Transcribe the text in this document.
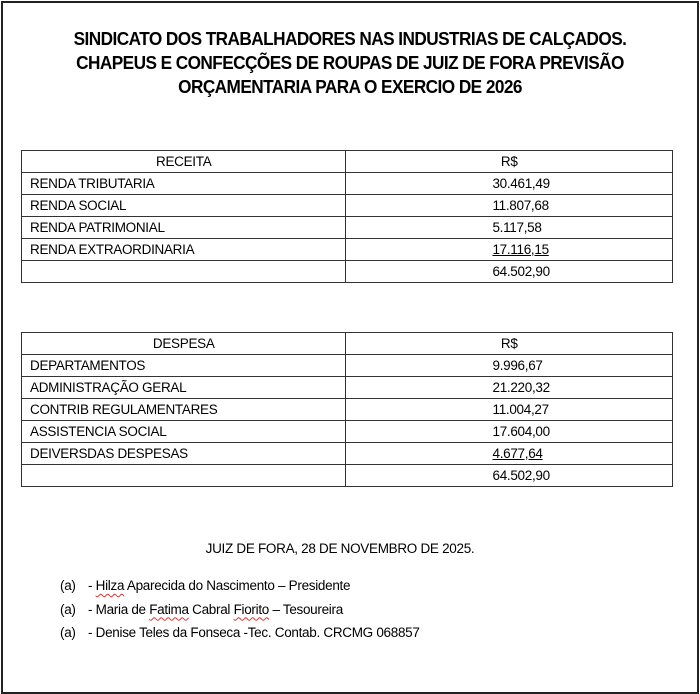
SINDICATO DOS TRABALHADORES NAS INDUSTRIAS DE CALÇADOS.
CHAPEUS E CONFECÇÕES DE ROUPAS DE JUIZ DE FORA PREVISÃO
ORÇAMENTARIA PARA O EXERCIO DE 2026
RECEITA	R$
RENDA TRIBUTARIA	30.461,49
RENDA SOCIAL	11.807,68
RENDA PATRIMONIAL	5.117,58
RENDA EXTRAORDINARIA	17.116,15
	64.502,90
DESPESA	R$
DEPARTAMENTOS	9.996,67
ADMINISTRAÇÃO GERAL	21.220,32
CONTRIB REGULAMENTARES	11.004,27
ASSISTENCIA SOCIAL	17.604,00
DEIVERSDAS DESPESAS	4.677,64
	64.502,90
JUIZ DE FORA, 28 DE NOVEMBRO DE 2025.
(a) - Hilza Aparecida do Nascimento – Presidente
(a) - Maria de Fatima Cabral Fiorito – Tesoureira
(a) - Denise Teles da Fonseca -Tec. Contab. CRCMG 068857
